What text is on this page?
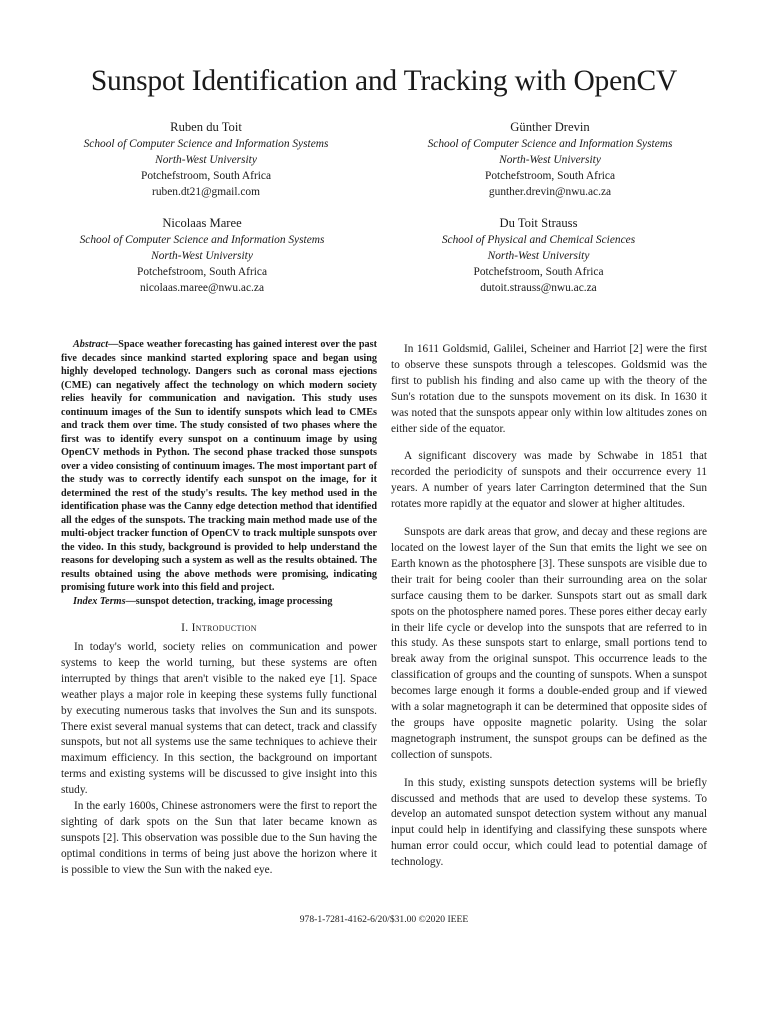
Sunspot Identification and Tracking with OpenCV
Ruben du Toit
School of Computer Science and Information Systems
North-West University
Potchefstroom, South Africa
ruben.dt21@gmail.com
Günther Drevin
School of Computer Science and Information Systems
North-West University
Potchefstroom, South Africa
gunther.drevin@nwu.ac.za
Nicolaas Maree
School of Computer Science and Information Systems
North-West University
Potchefstroom, South Africa
nicolaas.maree@nwu.ac.za
Du Toit Strauss
School of Physical and Chemical Sciences
North-West University
Potchefstroom, South Africa
dutoit.strauss@nwu.ac.za

Abstract—Space weather forecasting has gained interest over the past five decades since mankind started exploring space and began using highly developed technology. Dangers such as coronal mass ejections (CME) can negatively affect the technology on which modern society relies heavily for communication and navigation. This study uses continuum images of the Sun to identify sunspots which lead to CMEs and track them over time. The study consisted of two phases where the first was to identify every sunspot on a continuum image by using OpenCV methods in Python. The second phase tracked those sunspots over a video consisting of continuum images. The most important part of the study was to correctly identify each sunspot on the image, for it determined the rest of the study's results. The key method used in the identification phase was the Canny edge detection method that identified all the edges of the sunspots. The tracking main method made use of the multi-object tracker function of OpenCV to track multiple sunspots over the video. In this study, background is provided to help understand the reasons for developing such a system as well as the results obtained. The results obtained using the above methods were promising, indicating promising future work into this field and project.

Index Terms—sunspot detection, tracking, image processing

I. Introduction

In today's world, society relies on communication and power systems to keep the world turning, but these systems are often interrupted by things that aren't visible to the naked eye [1]. Space weather plays a major role in keeping these systems fully functional by executing numerous tasks that involves the Sun and its sunspots. There exist several manual systems that can detect, track and classify sunspots, but not all systems use the same techniques to achieve their maximum efficiency. In this section, the background on important terms and existing systems will be discussed to give insight into this study.

In the early 1600s, Chinese astronomers were the first to report the sighting of dark spots on the Sun that later became known as sunspots [2]. This observation was possible due to the Sun having the optimal conditions in terms of being just above the horizon where it is possible to view the Sun with the naked eye.

In 1611 Goldsmid, Galilei, Scheiner and Harriot [2] were the first to observe these sunspots through a telescopes. Goldsmid was the first to publish his finding and also came up with the theory of the Sun's rotation due to the sunspots movement on its disk. In 1630 it was noted that the sunspots appear only within low altitudes zones on either side of the equator.

A significant discovery was made by Schwabe in 1851 that recorded the periodicity of sunspots and their occurrence every 11 years. A number of years later Carrington determined that the Sun rotates more rapidly at the equator and slower at higher altitudes.

Sunspots are dark areas that grow, and decay and these regions are located on the lowest layer of the Sun that emits the light we see on Earth known as the photosphere [3]. These sunspots are visible due to their trait for being cooler than their surrounding area on the solar surface causing them to be darker. Sunspots start out as small dark spots on the photosphere named pores. These pores either decay early in their life cycle or develop into the sunspots that are referred to in this study. As these sunspots start to enlarge, small portions tend to break away from the original sunspot. This occurrence leads to the classification of groups and the counting of sunspots. When a sunspot becomes large enough it forms a double-ended group and if viewed with a solar magnetograph it can be determined that opposite sides of the groups have opposite magnetic polarity. Using the solar magnetograph instrument, the sunspot groups can be defined as the collection of sunspots.

In this study, existing sunspots detection systems will be briefly discussed and methods that are used to develop these systems. To develop an automated sunspot detection system without any manual input could help in identifying and classifying these sunspots where human error could occur, which could lead to potential damage of technology.

978-1-7281-4162-6/20/$31.00 ©2020 IEEE
